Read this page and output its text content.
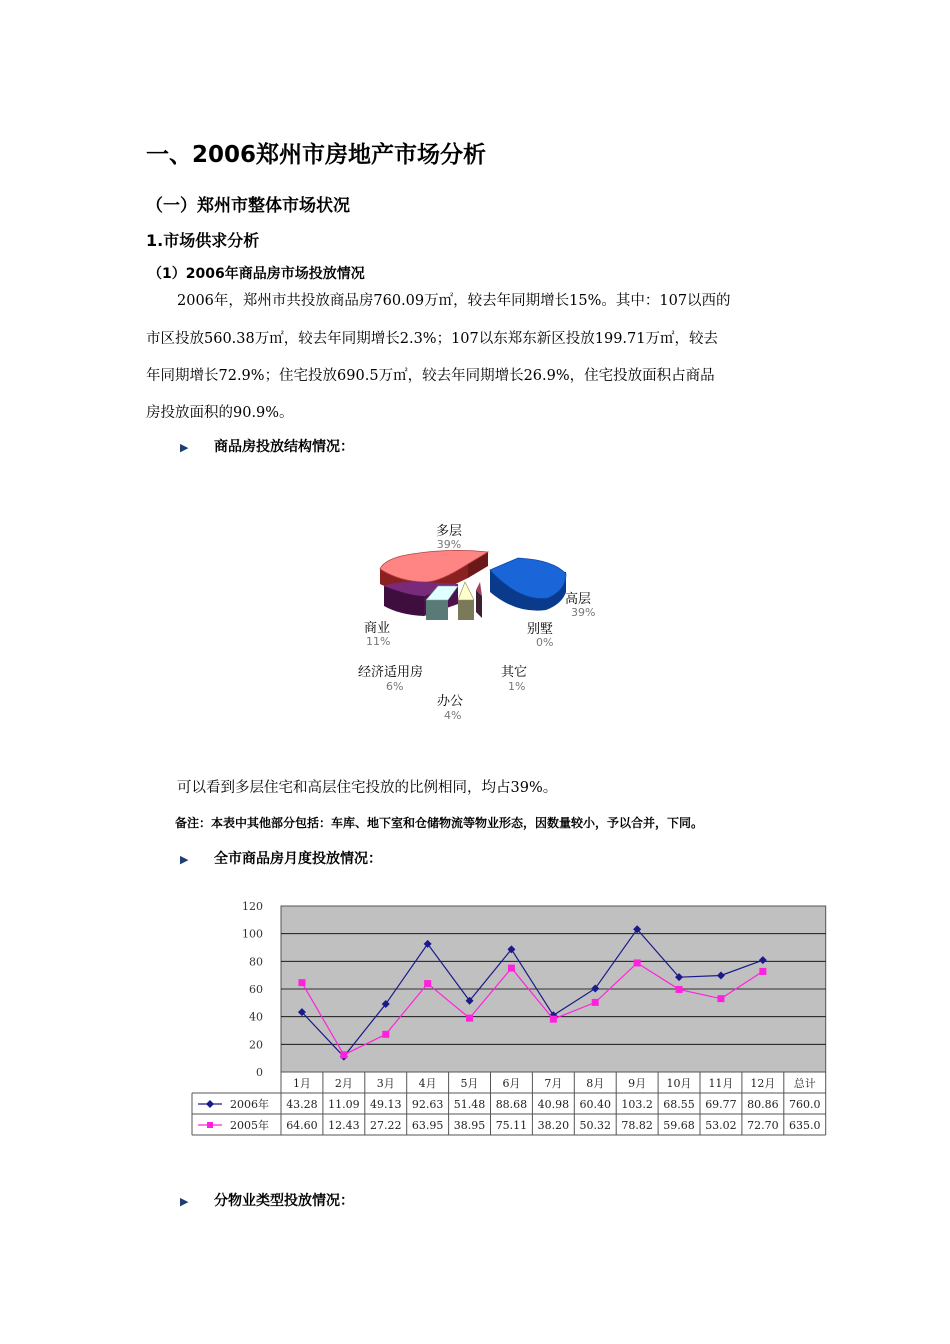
一、2006郑州市房地产市场分析
（一）郑州市整体市场状况
1.市场供求分析
（1）2006年商品房市场投放情况
2006年，郑州市共投放商品房760.09万㎡，较去年同期增长15%。其中：107以西的
市区投放560.38万㎡，较去年同期增长2.3%；107以东郑东新区投放199.71万㎡，较去
年同期增长72.9%；住宅投放690.5万㎡，较去年同期增长26.9%，住宅投放面积占商品
房投放面积的90.9%。
▶ 商品房投放结构情况：
多层
39%
高层
39%
别墅
0%
商业
11%
经济适用房
6%
其它
1%
办公
4%
可以看到多层住宅和高层住宅投放的比例相同，均占39%。
备注：本表中其他部分包括：车库、地下室和仓储物流等物业形态，因数量较小，予以合并，下同。
▶ 全市商品房月度投放情况：
0
20
40
60
80
100
120
1月 2月 3月 4月 5月 6月 7月 8月 9月 10月 11月 12月 总计
2006年 43.28 11.09 49.13 92.63 51.48 88.68 40.98 60.40 103.2 68.55 69.77 80.86 760.0
2005年 64.60 12.43 27.22 63.95 38.95 75.11 38.20 50.32 78.82 59.68 53.02 72.70 635.0
▶ 分物业类型投放情况：
